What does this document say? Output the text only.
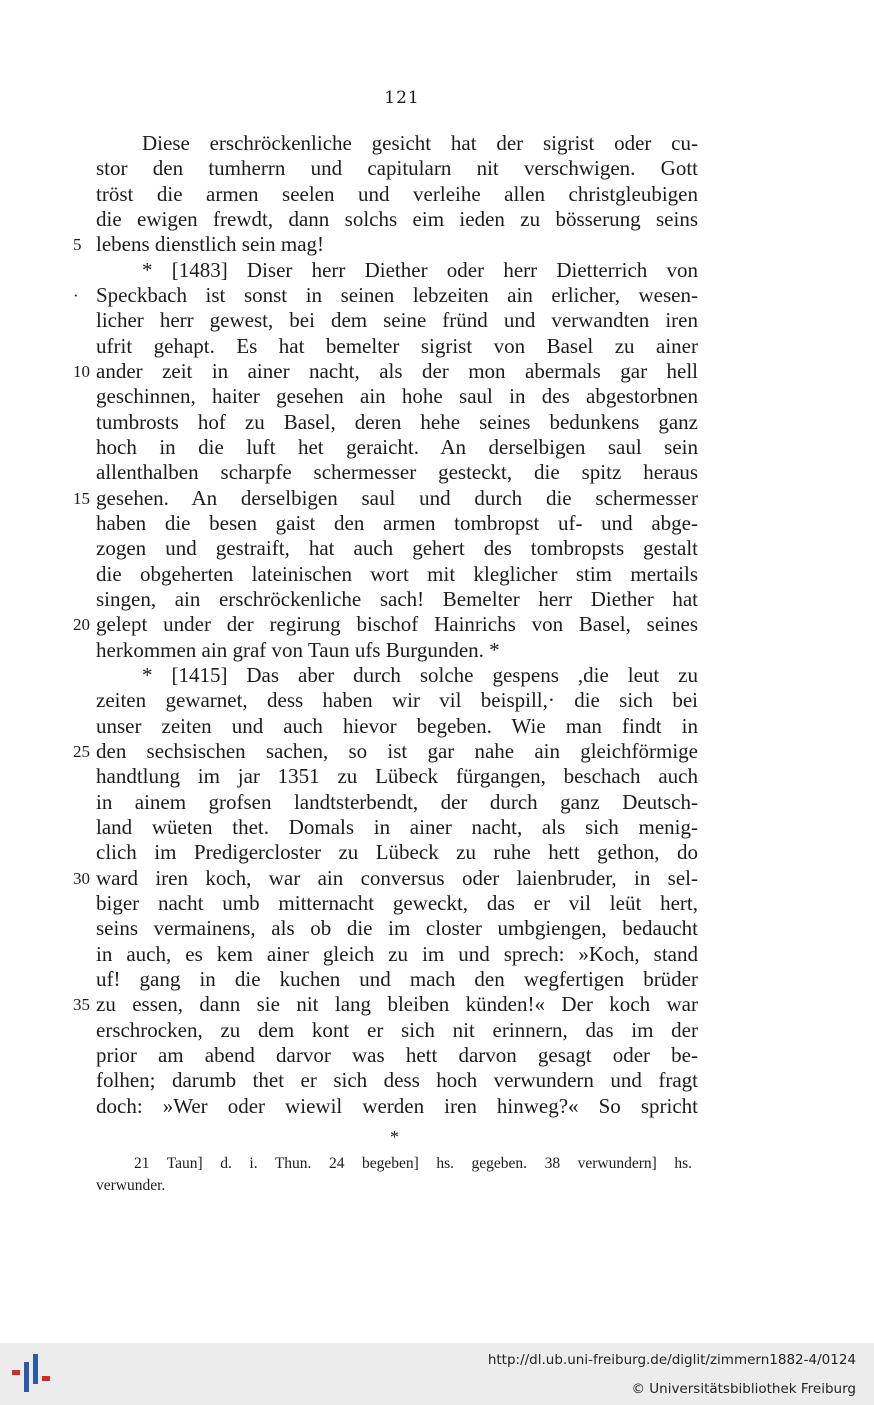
121
Diese erschröckenliche gesicht hat der sigrist oder cu-
stor den tumherrn und capitularn nit verschwigen. Gott
tröst die armen seelen und verleihe allen christgleubigen
die ewigen frewdt, dann solchs eim ieden zu bösserung seins
lebens dienstlich sein mag!
5
* [1483] Diser herr Diether oder herr Dietterrich von
Speckbach ist sonst in seinen lebzeiten ain erlicher, wesen-
·
licher herr gewest, bei dem seine fründ und verwandten iren
ufrit gehapt. Es hat bemelter sigrist von Basel zu ainer
ander zeit in ainer nacht, als der mon abermals gar hell
10
geschinnen, haiter gesehen ain hohe saul in des abgestorbnen
tumbrosts hof zu Basel, deren hehe seines bedunkens ganz
hoch in die luft het geraicht. An derselbigen saul sein
allenthalben scharpfe schermesser gesteckt, die spitz heraus
gesehen. An derselbigen saul und durch die schermesser
15
haben die besen gaist den armen tombropst uf- und abge-
zogen und gestraift, hat auch gehert des tombropsts gestalt
die obgeherten lateinischen wort mit kleglicher stim mertails
singen, ain erschröckenliche sach! Bemelter herr Diether hat
gelept under der regirung bischof Hainrichs von Basel, seines
20
herkommen ain graf von Taun ufs Burgunden. *
* [1415] Das aber durch solche gespens ,die leut zu
zeiten gewarnet, dess haben wir vil beispill,· die sich bei
unser zeiten und auch hievor begeben. Wie man findt in
den sechsischen sachen, so ist gar nahe ain gleichförmige
25
handtlung im jar 1351 zu Lübeck fürgangen, beschach auch
in ainem grofsen landtsterbendt, der durch ganz Deutsch-
land wüeten thet. Domals in ainer nacht, als sich menig-
clich im Predigercloster zu Lübeck zu ruhe hett gethon, do
ward iren koch, war ain conversus oder laienbruder, in sel-
30
biger nacht umb mitternacht geweckt, das er vil leüt hert,
seins vermainens, als ob die im closter umbgiengen, bedaucht
in auch, es kem ainer gleich zu im und sprech: »Koch, stand
uf! gang in die kuchen und mach den wegfertigen brüder
zu essen, dann sie nit lang bleiben künden!« Der koch war
35
erschrocken, zu dem kont er sich nit erinnern, das im der
prior am abend darvor was hett darvon gesagt oder be-
folhen; darumb thet er sich dess hoch verwundern und fragt
doch: »Wer oder wiewil werden iren hinweg?« So spricht
*
21 Taun] d. i. Thun. 24 begeben] hs. gegeben. 38 verwundern] hs.
verwunder.
http://dl.ub.uni-freiburg.de/diglit/zimmern1882-4/0124
© Universitätsbibliothek Freiburg
